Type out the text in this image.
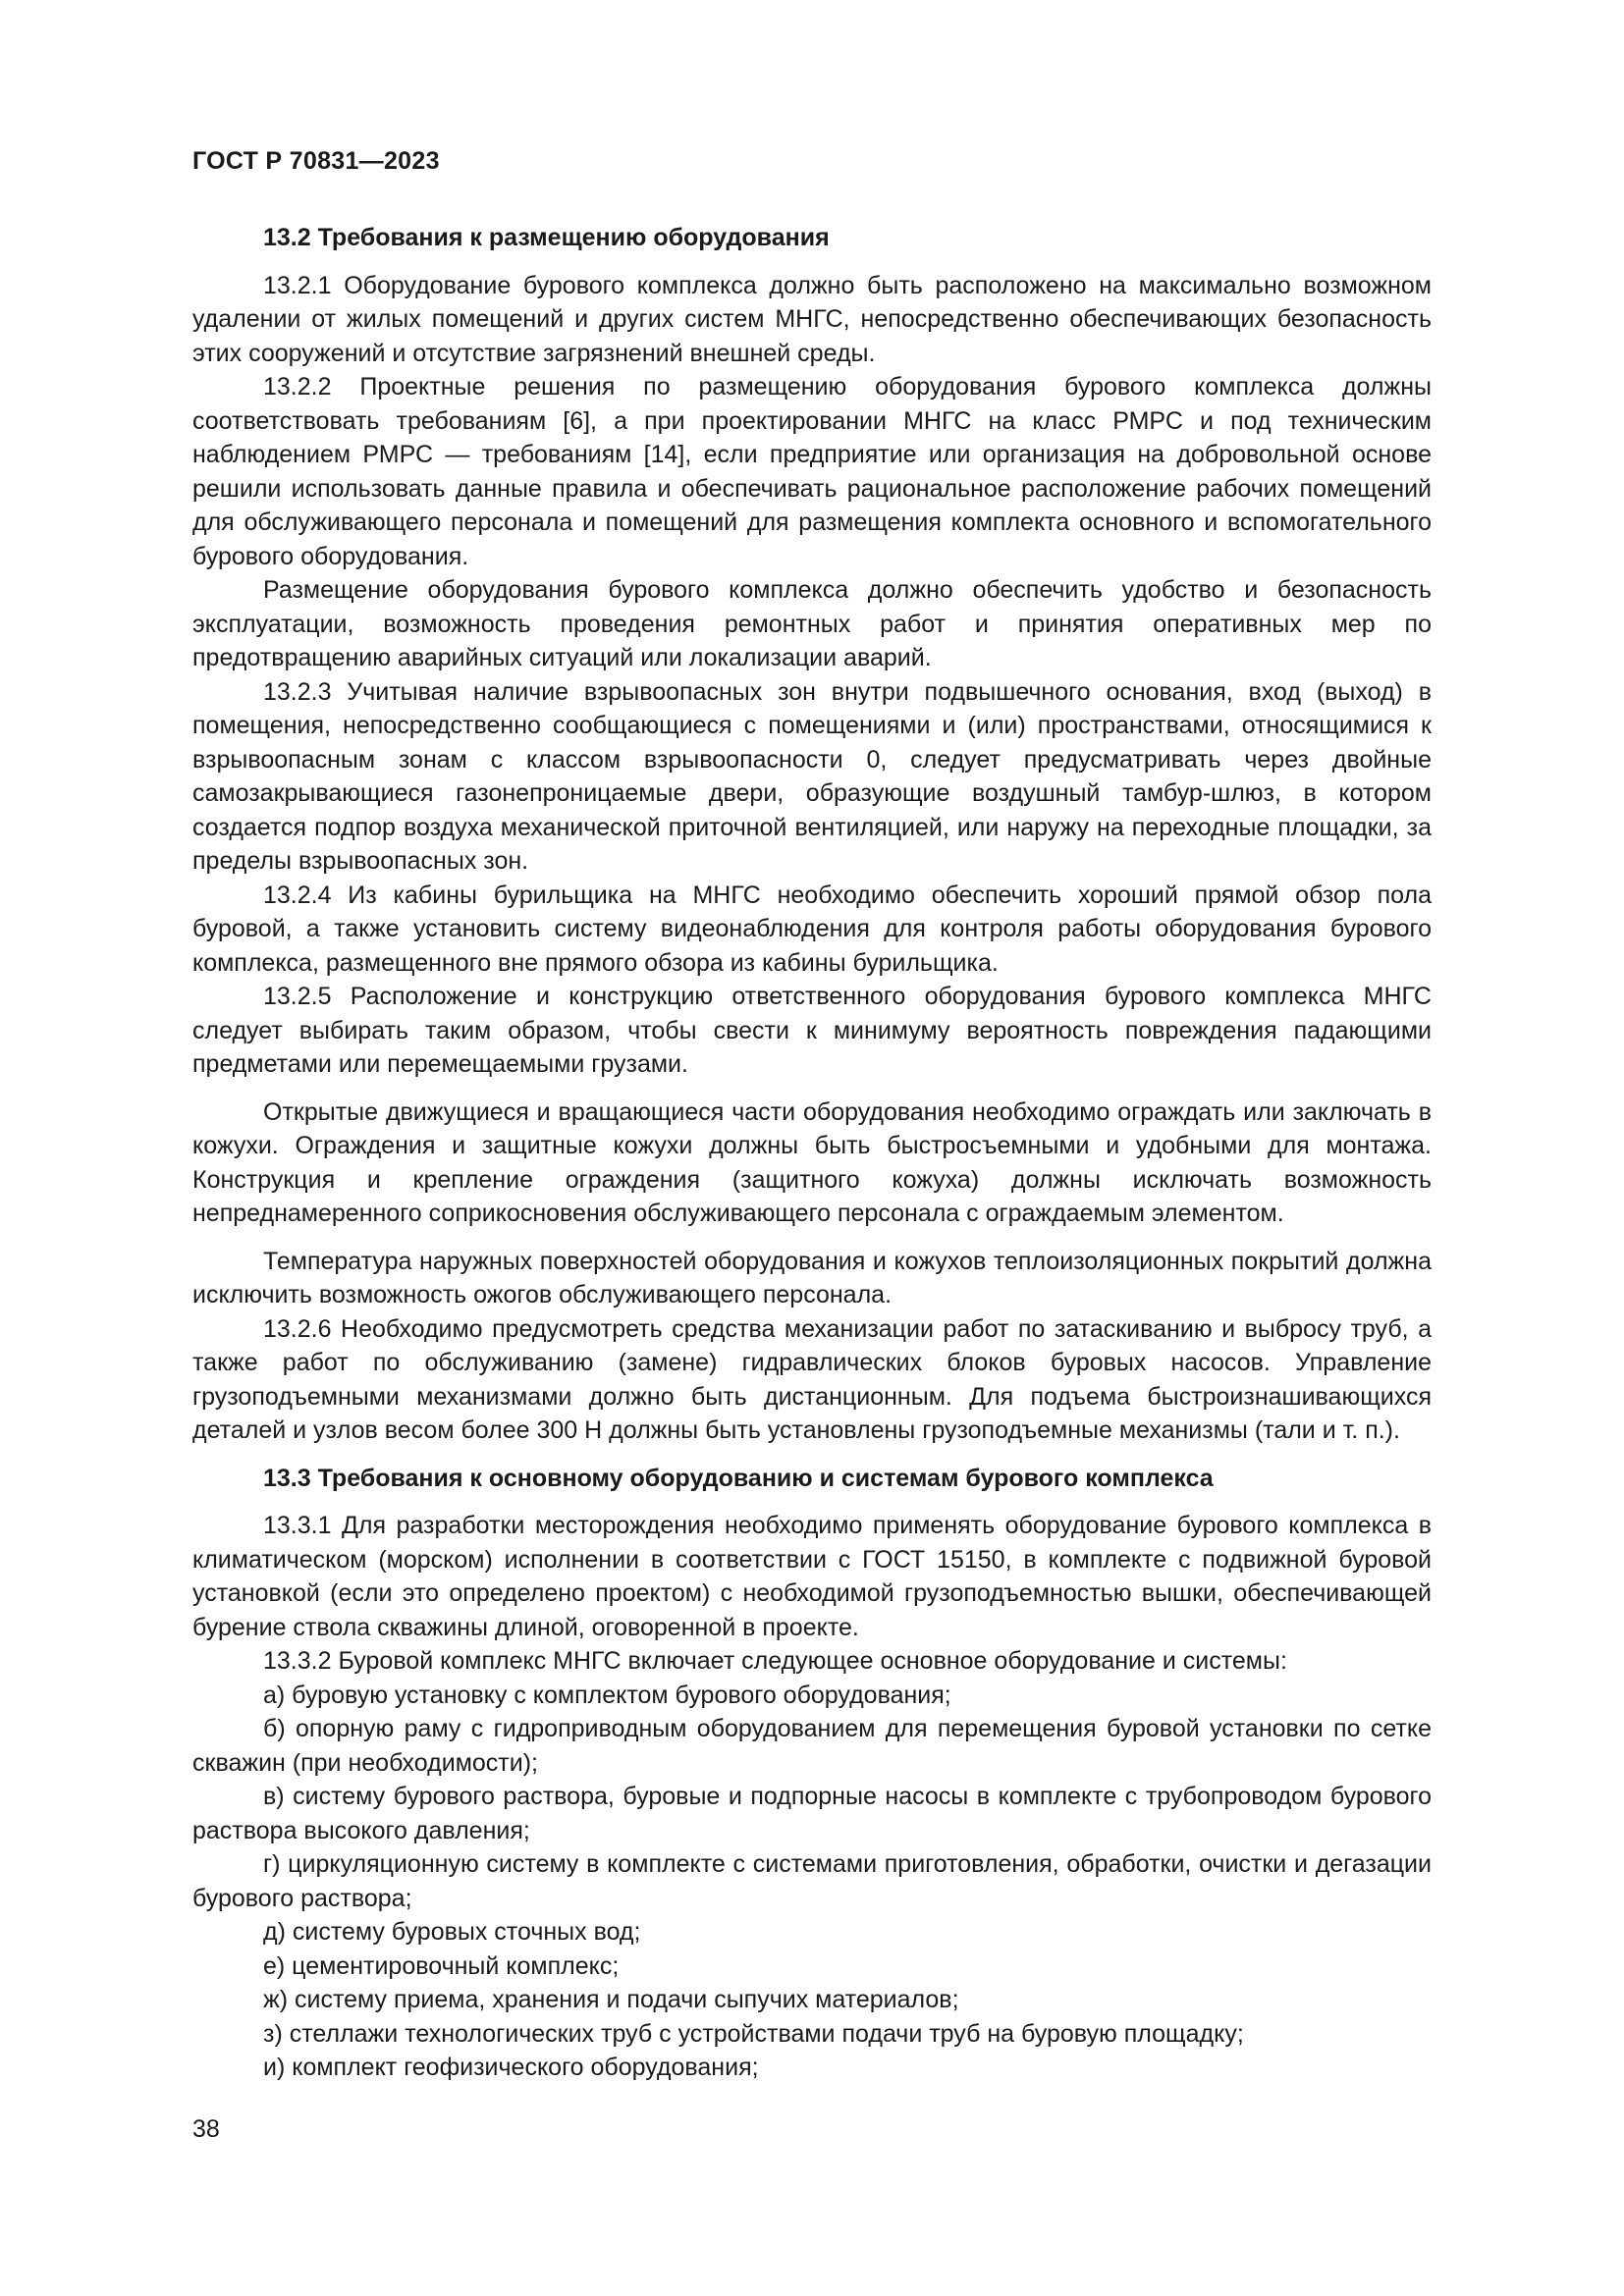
ГОСТ Р 70831—2023
13.2 Требования к размещению оборудования

13.2.1 Оборудование бурового комплекса должно быть расположено на максимально возможном удалении от жилых помещений и других систем МНГС, непосредственно обеспечивающих безопасность этих сооружений и отсутствие загрязнений внешней среды.

13.2.2 Проектные решения по размещению оборудования бурового комплекса должны соответствовать требованиям [6], а при проектировании МНГС на класс РМРС и под техническим наблюдением РМРС — требованиям [14], если предприятие или организация на добровольной основе решили использовать данные правила и обеспечивать рациональное расположение рабочих помещений для обслуживающего персонала и помещений для размещения комплекта основного и вспомогательного бурового оборудования.

Размещение оборудования бурового комплекса должно обеспечить удобство и безопасность эксплуатации, возможность проведения ремонтных работ и принятия оперативных мер по предотвращению аварийных ситуаций или локализации аварий.

13.2.3 Учитывая наличие взрывоопасных зон внутри подвышечного основания, вход (выход) в помещения, непосредственно сообщающиеся с помещениями и (или) пространствами, относящимися к взрывоопасным зонам с классом взрывоопасности 0, следует предусматривать через двойные самозакрывающиеся газонепроницаемые двери, образующие воздушный тамбур-шлюз, в котором создается подпор воздуха механической приточной вентиляцией, или наружу на переходные площадки, за пределы взрывоопасных зон.

13.2.4 Из кабины бурильщика на МНГС необходимо обеспечить хороший прямой обзор пола буровой, а также установить систему видеонаблюдения для контроля работы оборудования бурового комплекса, размещенного вне прямого обзора из кабины бурильщика.

13.2.5 Расположение и конструкцию ответственного оборудования бурового комплекса МНГС следует выбирать таким образом, чтобы свести к минимуму вероятность повреждения падающими предметами или перемещаемыми грузами.

Открытые движущиеся и вращающиеся части оборудования необходимо ограждать или заключать в кожухи. Ограждения и защитные кожухи должны быть быстросъемными и удобными для монтажа. Конструкция и крепление ограждения (защитного кожуха) должны исключать возможность непреднамеренного соприкосновения обслуживающего персонала с ограждаемым элементом.

Температура наружных поверхностей оборудования и кожухов теплоизоляционных покрытий должна исключить возможность ожогов обслуживающего персонала.

13.2.6 Необходимо предусмотреть средства механизации работ по затаскиванию и выбросу труб, а также работ по обслуживанию (замене) гидравлических блоков буровых насосов. Управление грузоподъемными механизмами должно быть дистанционным. Для подъема быстроизнашивающихся деталей и узлов весом более 300 Н должны быть установлены грузоподъемные механизмы (тали и т. п.).

13.3 Требования к основному оборудованию и системам бурового комплекса

13.3.1 Для разработки месторождения необходимо применять оборудование бурового комплекса в климатическом (морском) исполнении в соответствии с ГОСТ 15150, в комплекте с подвижной буровой установкой (если это определено проектом) с необходимой грузоподъемностью вышки, обеспечивающей бурение ствола скважины длиной, оговоренной в проекте.

13.3.2 Буровой комплекс МНГС включает следующее основное оборудование и системы:

а) буровую установку с комплектом бурового оборудования;

б) опорную раму с гидроприводным оборудованием для перемещения буровой установки по сетке скважин (при необходимости);

в) систему бурового раствора, буровые и подпорные насосы в комплекте с трубопроводом бурового раствора высокого давления;

г) циркуляционную систему в комплекте с системами приготовления, обработки, очистки и дегазации бурового раствора;

д) систему буровых сточных вод;

е) цементировочный комплекс;

ж) систему приема, хранения и подачи сыпучих материалов;

з) стеллажи технологических труб с устройствами подачи труб на буровую площадку;

и) комплект геофизического оборудования;

38
